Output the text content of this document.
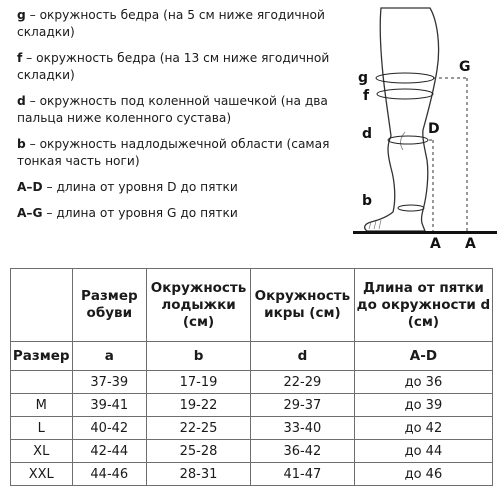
g – окружность бедра (на 5 см ниже ягодичной складки)
f – окружность бедра (на 13 см ниже ягодичной складки)
d – окружность под коленной чашечкой (на два пальца ниже коленного сустава)
b – окружность надлодыжечной области (самая тонкая часть ноги)
A–D – длина от уровня D до пятки
A–G – длина от уровня G до пятки
g
f
d
b
G
D
A A
	Размер обуви	Окружность лодыжки (см)	Окружность икры (см)	Длина от пятки до окружности d (см)
Размер	a	b	d	A-D
	37-39	17-19	22-29	до 36
M	39-41	19-22	29-37	до 39
L	40-42	22-25	33-40	до 42
XL	42-44	25-28	36-42	до 44
XXL	44-46	28-31	41-47	до 46
